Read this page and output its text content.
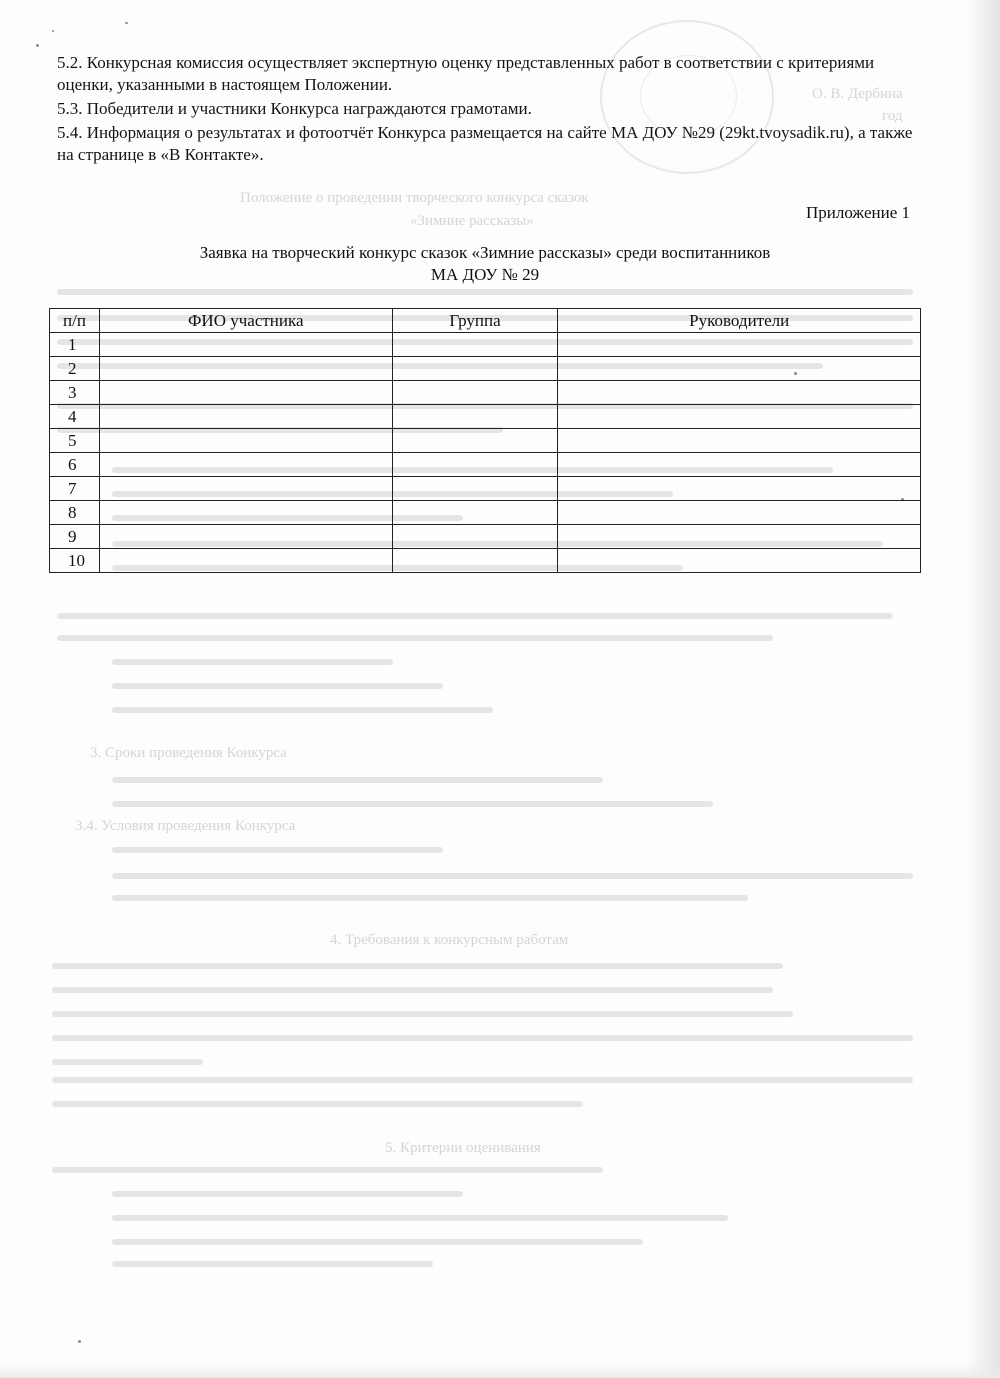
О. В. Дербина
год
Положение о проведении творческого конкурса сказок
«Зимние рассказы»
3. Сроки проведения Конкурса
3.4. Условия проведения Конкурса
4. Требования к конкурсным работам
5. Критерии оценивания
5.2. Конкурсная комиссия осуществляет экспертную оценку представленных работ в соответствии с критериями оценки, указанными в настоящем Положении.
5.3. Победители и участники Конкурса награждаются грамотами.
5.4. Информация о результатах и фотоотчёт Конкурса размещается на сайте МА ДОУ №29 (29kt.tvoysadik.ru), а также на странице в «В Контакте».
Приложение 1
Заявка на творческий конкурс сказок «Зимние рассказы» среди воспитанников
МА ДОУ № 29
п/п	ФИО участника	Группа	Руководители
1			
2			
3			
4			
5			
6			
7			
8			
9			
10			
